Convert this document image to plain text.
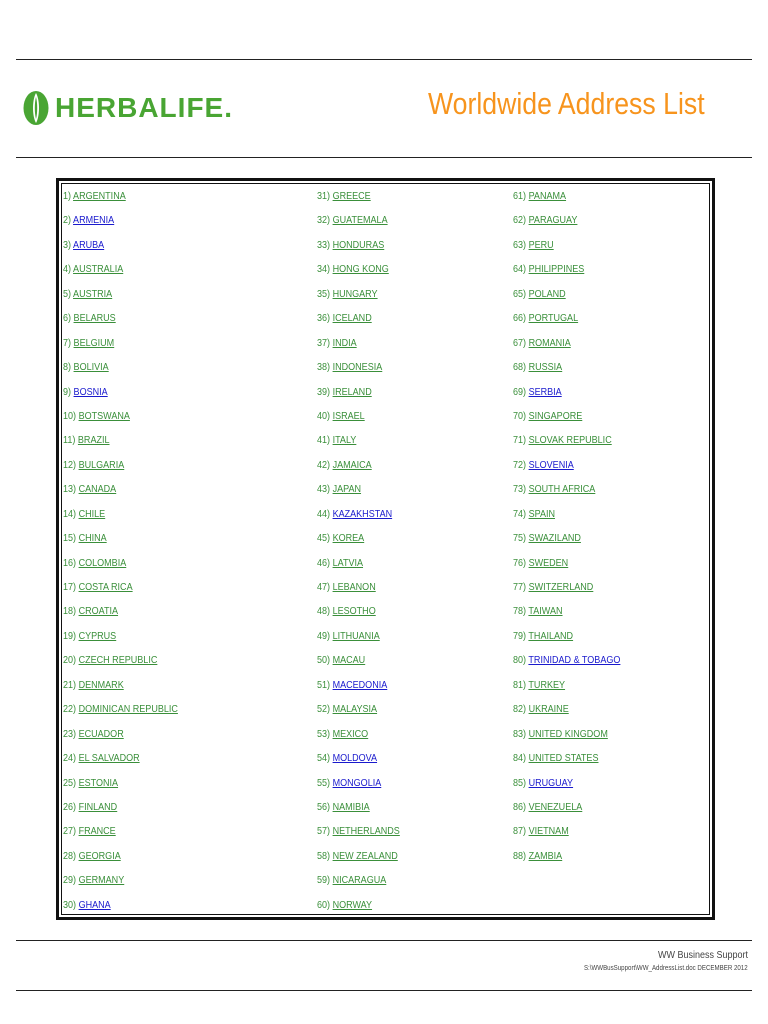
HERBALIFE.	Worldwide Address List
1) ARGENTINA
2) ARMENIA
3) ARUBA
4) AUSTRALIA
5) AUSTRIA
6) BELARUS
7) BELGIUM
8) BOLIVIA
9) BOSNIA
10) BOTSWANA
11) BRAZIL
12) BULGARIA
13) CANADA
14) CHILE
15) CHINA
16) COLOMBIA
17) COSTA RICA
18) CROATIA
19) CYPRUS
20) CZECH REPUBLIC
21) DENMARK
22) DOMINICAN REPUBLIC
23) ECUADOR
24) EL SALVADOR
25) ESTONIA
26) FINLAND
27) FRANCE
28) GEORGIA
29) GERMANY
30) GHANA
31) GREECE
32) GUATEMALA
33) HONDURAS
34) HONG KONG
35) HUNGARY
36) ICELAND
37) INDIA
38) INDONESIA
39) IRELAND
40) ISRAEL
41) ITALY
42) JAMAICA
43) JAPAN
44) KAZAKHSTAN
45) KOREA
46) LATVIA
47) LEBANON
48) LESOTHO
49) LITHUANIA
50) MACAU
51) MACEDONIA
52) MALAYSIA
53) MEXICO
54) MOLDOVA
55) MONGOLIA
56) NAMIBIA
57) NETHERLANDS
58) NEW ZEALAND
59) NICARAGUA
60) NORWAY
61) PANAMA
62) PARAGUAY
63) PERU
64) PHILIPPINES
65) POLAND
66) PORTUGAL
67) ROMANIA
68) RUSSIA
69) SERBIA
70) SINGAPORE
71) SLOVAK REPUBLIC
72) SLOVENIA
73) SOUTH AFRICA
74) SPAIN
75) SWAZILAND
76) SWEDEN
77) SWITZERLAND
78) TAIWAN
79) THAILAND
80) TRINIDAD & TOBAGO
81) TURKEY
82) UKRAINE
83) UNITED KINGDOM
84) UNITED STATES
85) URUGUAY
86) VENEZUELA
87) VIETNAM
88) ZAMBIA
WW Business Support
S:\WWBusSupport\WW_AddressList.doc DECEMBER 2012
